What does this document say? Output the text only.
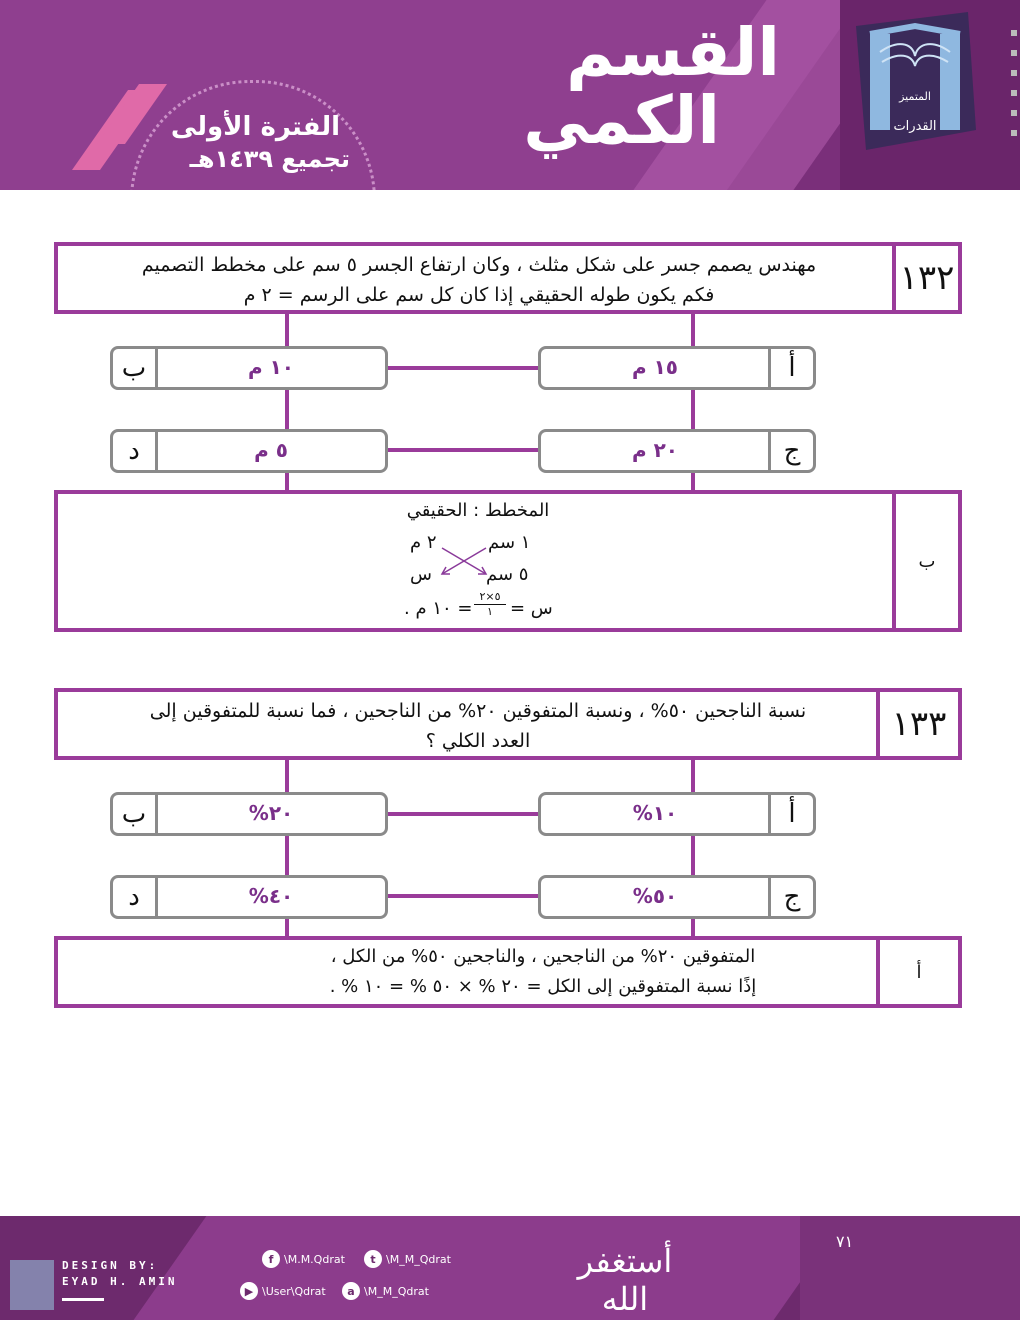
الفترة الأولى
تجميع ١٤٣٩هـ
القسم
الكمي	المتميز
القدرات
١٣٢
مهندس يصمم جسر على شكل مثلث ، وكان ارتفاع الجسر ٥ سم على مخطط التصميم
فكم يكون طوله الحقيقي إذا كان كل سم على الرسم = ٢ م
ب	١٠ م	أ
١٥ م
د	٥ م	ج
٢٠ م
ب
المخطط : الحقيقي
١ سم
٢ م
٥ سم
س
س =
٥×٢
١
= ١٠ م .
١٣٣
نسبة الناجحين ٥٠% ، ونسبة المتفوقين ٢٠% من الناجحين ، فما نسبة للمتفوقين إلى
العدد الكلي ؟
ب	٢٠%	أ
١٠%
د	٤٠%	ج
٥٠%
أ
المتفوقين ٢٠% من الناجحين ، والناجحين ٥٠% من الكل ،
إذًا نسبة المتفوقين إلى الكل = ٢٠ % × ٥٠ % = ١٠ % .
DESIGN BY:
EYAD H. AMIN
f \M.M.Qdrat	t \M_M_Qdrat
▶ \User\Qdrat	a \M_M_Qdrat
أستغفر الله
٧١
